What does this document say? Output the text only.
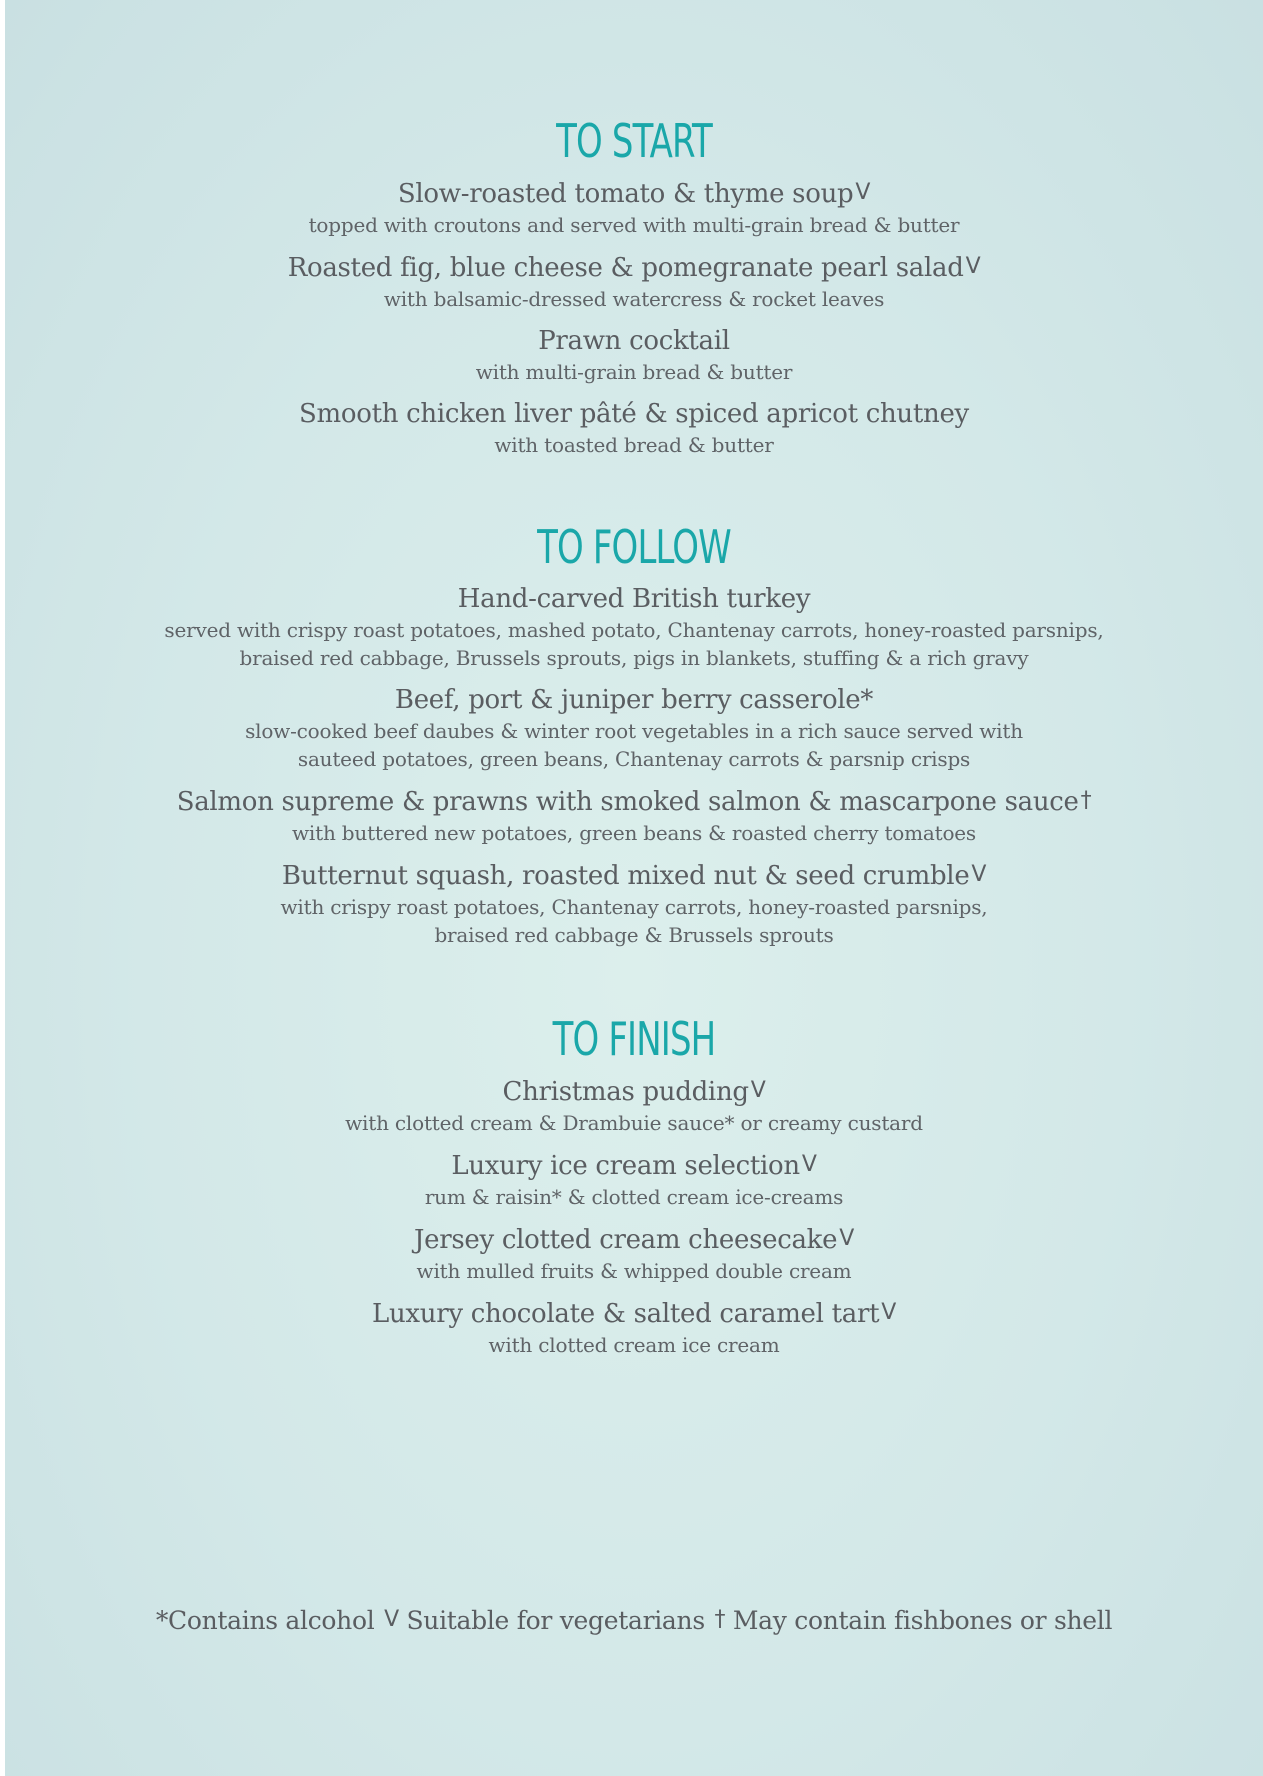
TO START
Slow-roasted tomato & thyme soupV
topped with croutons and served with multi-grain bread & butter
Roasted fig, blue cheese & pomegranate pearl saladV
with balsamic-dressed watercress & rocket leaves
Prawn cocktail
with multi-grain bread & butter
Smooth chicken liver pâté & spiced apricot chutney
with toasted bread & butter
TO FOLLOW
Hand-carved British turkey
served with crispy roast potatoes, mashed potato, Chantenay carrots, honey-roasted parsnips,
braised red cabbage, Brussels sprouts, pigs in blankets, stuffing & a rich gravy
Beef, port & juniper berry casserole*
slow-cooked beef daubes & winter root vegetables in a rich sauce served with
sauteed potatoes, green beans, Chantenay carrots & parsnip crisps
Salmon supreme & prawns with smoked salmon & mascarpone sauce†
with buttered new potatoes, green beans & roasted cherry tomatoes
Butternut squash, roasted mixed nut & seed crumbleV
with crispy roast potatoes, Chantenay carrots, honey-roasted parsnips,
braised red cabbage & Brussels sprouts
TO FINISH
Christmas puddingV
with clotted cream & Drambuie sauce* or creamy custard
Luxury ice cream selectionV
rum & raisin* & clotted cream ice-creams
Jersey clotted cream cheesecakeV
with mulled fruits & whipped double cream
Luxury chocolate & salted caramel tartV
with clotted cream ice cream
*Contains alcohol V Suitable for vegetarians † May contain fishbones or shell
